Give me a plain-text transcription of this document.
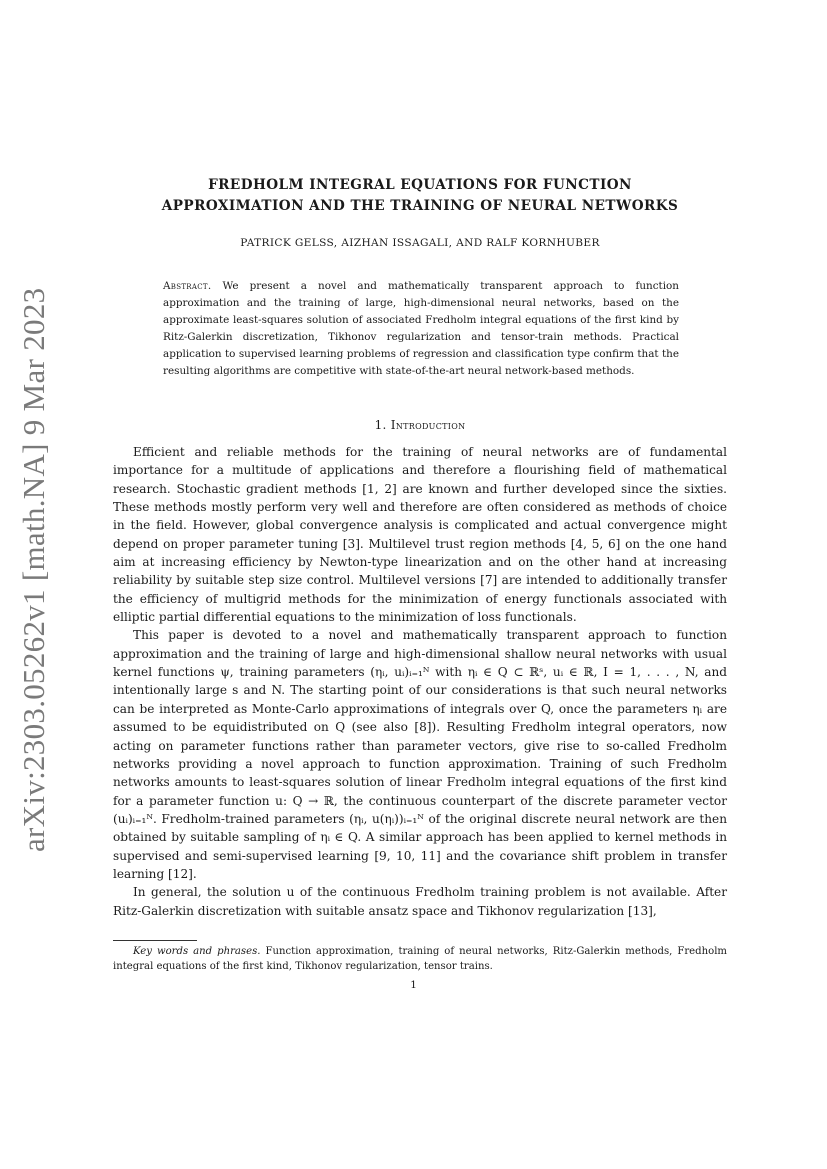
arXiv:2303.05262v1 [math.NA] 9 Mar 2023
FREDHOLM INTEGRAL EQUATIONS FOR FUNCTION
APPROXIMATION AND THE TRAINING OF NEURAL NETWORKS
PATRICK GELSS, AIZHAN ISSAGALI, AND RALF KORNHUBER
Abstract. We present a novel and mathematically transparent approach to function approximation and the training of large, high-dimensional neural networks, based on the approximate least-squares solution of associated Fredholm integral equations of the first kind by Ritz-Galerkin discretization, Tikhonov regularization and tensor-train methods. Practical application to supervised learning problems of regression and classification type confirm that the resulting algorithms are competitive with state-of-the-art neural network-based methods.
1. Introduction

Efficient and reliable methods for the training of neural networks are of fundamental importance for a multitude of applications and therefore a flourishing field of mathematical research. Stochastic gradient methods [1, 2] are known and further developed since the sixties. These methods mostly perform very well and therefore are often considered as methods of choice in the field. However, global convergence analysis is complicated and actual convergence might depend on proper parameter tuning [3]. Multilevel trust region methods [4, 5, 6] on the one hand aim at increasing efficiency by Newton-type linearization and on the other hand at increasing reliability by suitable step size control. Multilevel versions [7] are intended to additionally transfer the efficiency of multigrid methods for the minimization of energy functionals associated with elliptic partial differential equations to the minimization of loss functionals.

This paper is devoted to a novel and mathematically transparent approach to function approximation and the training of large and high-dimensional shallow neural networks with usual kernel functions ψ, training parameters (ηᵢ, uᵢ)ᵢ₌₁ᴺ with ηᵢ ∈ Q ⊂ ℝˢ, uᵢ ∈ ℝ, I = 1, . . . , N, and intentionally large s and N. The starting point of our considerations is that such neural networks can be interpreted as Monte-Carlo approximations of integrals over Q, once the parameters ηᵢ are assumed to be equidistributed on Q (see also [8]). Resulting Fredholm integral operators, now acting on parameter functions rather than parameter vectors, give rise to so-called Fredholm networks providing a novel approach to function approximation. Training of such Fredholm networks amounts to least-squares solution of linear Fredholm integral equations of the first kind for a parameter function u: Q → ℝ, the continuous counterpart of the discrete parameter vector (uᵢ)ᵢ₌₁ᴺ. Fredholm-trained parameters (ηᵢ, u(ηᵢ))ᵢ₌₁ᴺ of the original discrete neural network are then obtained by suitable sampling of ηᵢ ∈ Q. A similar approach has been applied to kernel methods in supervised and semi-supervised learning [9, 10, 11] and the covariance shift problem in transfer learning [12].

In general, the solution u of the continuous Fredholm training problem is not available. After Ritz-Galerkin discretization with suitable ansatz space and Tikhonov regularization [13],

Key words and phrases. Function approximation, training of neural networks, Ritz-Galerkin methods, Fredholm integral equations of the first kind, Tikhonov regularization, tensor trains.
1
